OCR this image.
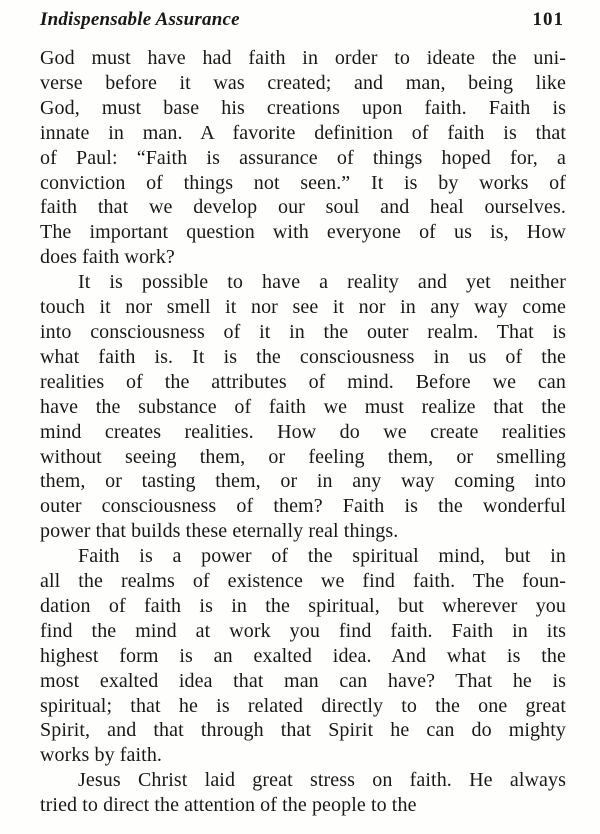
Indispensable Assurance	101
God must have had faith in order to ideate the uni-
verse before it was created; and man, being like
God, must base his creations upon faith. Faith is
innate in man. A favorite definition of faith is that
of Paul: “Faith is assurance of things hoped for, a
conviction of things not seen.” It is by works of
faith that we develop our soul and heal ourselves.
The important question with everyone of us is, How
does faith work?
It is possible to have a reality and yet neither
touch it nor smell it nor see it nor in any way come
into consciousness of it in the outer realm. That is
what faith is. It is the consciousness in us of the
realities of the attributes of mind. Before we can
have the substance of faith we must realize that the
mind creates realities. How do we create realities
without seeing them, or feeling them, or smelling
them, or tasting them, or in any way coming into
outer consciousness of them? Faith is the wonderful
power that builds these eternally real things.
Faith is a power of the spiritual mind, but in
all the realms of existence we find faith. The foun-
dation of faith is in the spiritual, but wherever you
find the mind at work you find faith. Faith in its
highest form is an exalted idea. And what is the
most exalted idea that man can have? That he is
spiritual; that he is related directly to the one great
Spirit, and that through that Spirit he can do mighty
works by faith.
Jesus Christ laid great stress on faith. He always
tried to direct the attention of the people to the
